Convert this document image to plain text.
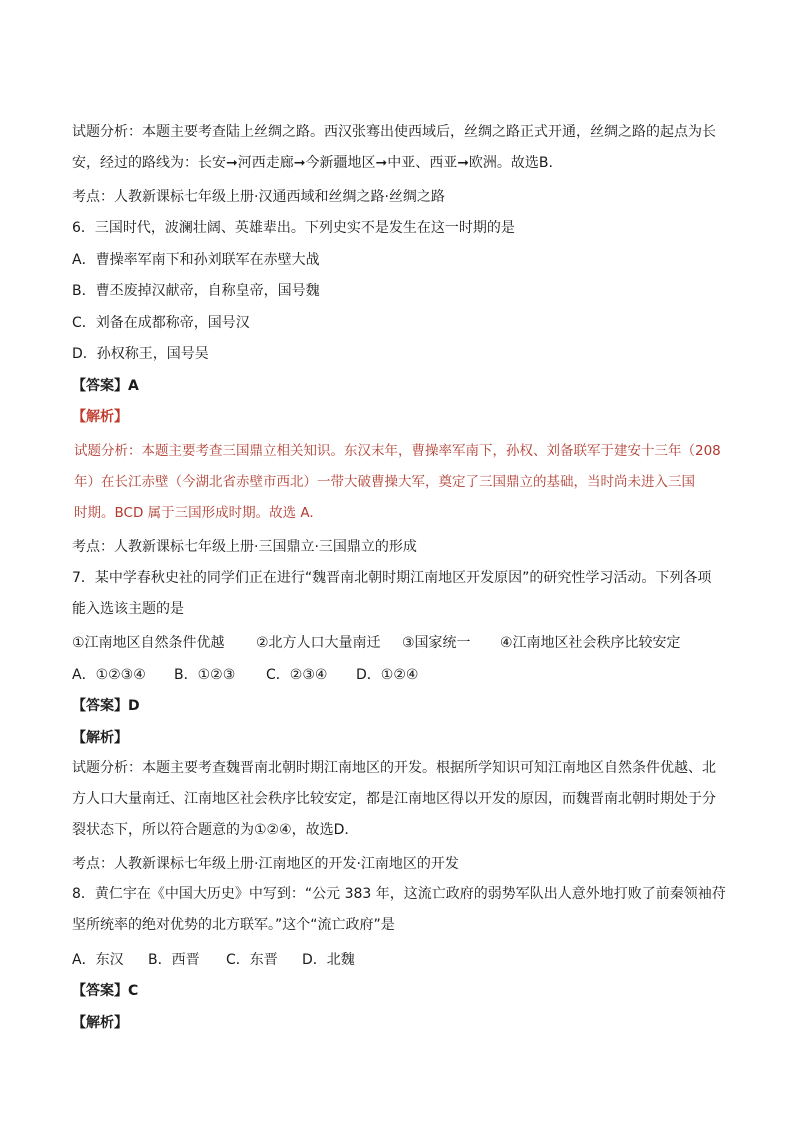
试题分析：本题主要考查陆上丝绸之路。西汉张骞出使西域后，丝绸之路正式开通，丝绸之路的起点为长
安，经过的路线为：长安➞河西走廊➞今新疆地区➞中亚、西亚➞欧洲。故选B.
考点：人教新课标七年级上册·汉通西域和丝绸之路·丝绸之路
6．三国时代，波澜壮阔、英雄辈出。下列史实不是发生在这一时期的是
A．曹操率军南下和孙刘联军在赤壁大战
B．曹丕废掉汉献帝，自称皇帝，国号魏
C．刘备在成都称帝，国号汉
D．孙权称王，国号吴
【答案】A
【解析】
试题分析：本题主要考查三国鼎立相关知识。东汉末年，曹操率军南下，孙权、刘备联军于建安十三年（208
年）在长江赤壁（今湖北省赤壁市西北）一带大破曹操大军，奠定了三国鼎立的基础，当时尚未进入三国
时期。BCD 属于三国形成时期。故选 A.
考点：人教新课标七年级上册·三国鼎立·三国鼎立的形成
7．某中学春秋史社的同学们正在进行“魏晋南北朝时期江南地区开发原因”的研究性学习活动。下列各项
能入选该主题的是
①江南地区自然条件优越 ②北方人口大量南迁 ③国家统一 ④江南地区社会秩序比较安定
A．①②③④ B．①②③ C．②③④ D．①②④
【答案】D
【解析】
试题分析：本题主要考查魏晋南北朝时期江南地区的开发。根据所学知识可知江南地区自然条件优越、北
方人口大量南迁、江南地区社会秩序比较安定，都是江南地区得以开发的原因，而魏晋南北朝时期处于分
裂状态下，所以符合题意的为①②④，故选D.
考点：人教新课标七年级上册·江南地区的开发·江南地区的开发
8．黄仁宇在《中国大历史》中写到：“公元 383 年，这流亡政府的弱势军队出人意外地打败了前秦领袖苻
坚所统率的绝对优势的北方联军。”这个“流亡政府”是
A．东汉 B．西晋 C．东晋 D．北魏
【答案】C
【解析】
